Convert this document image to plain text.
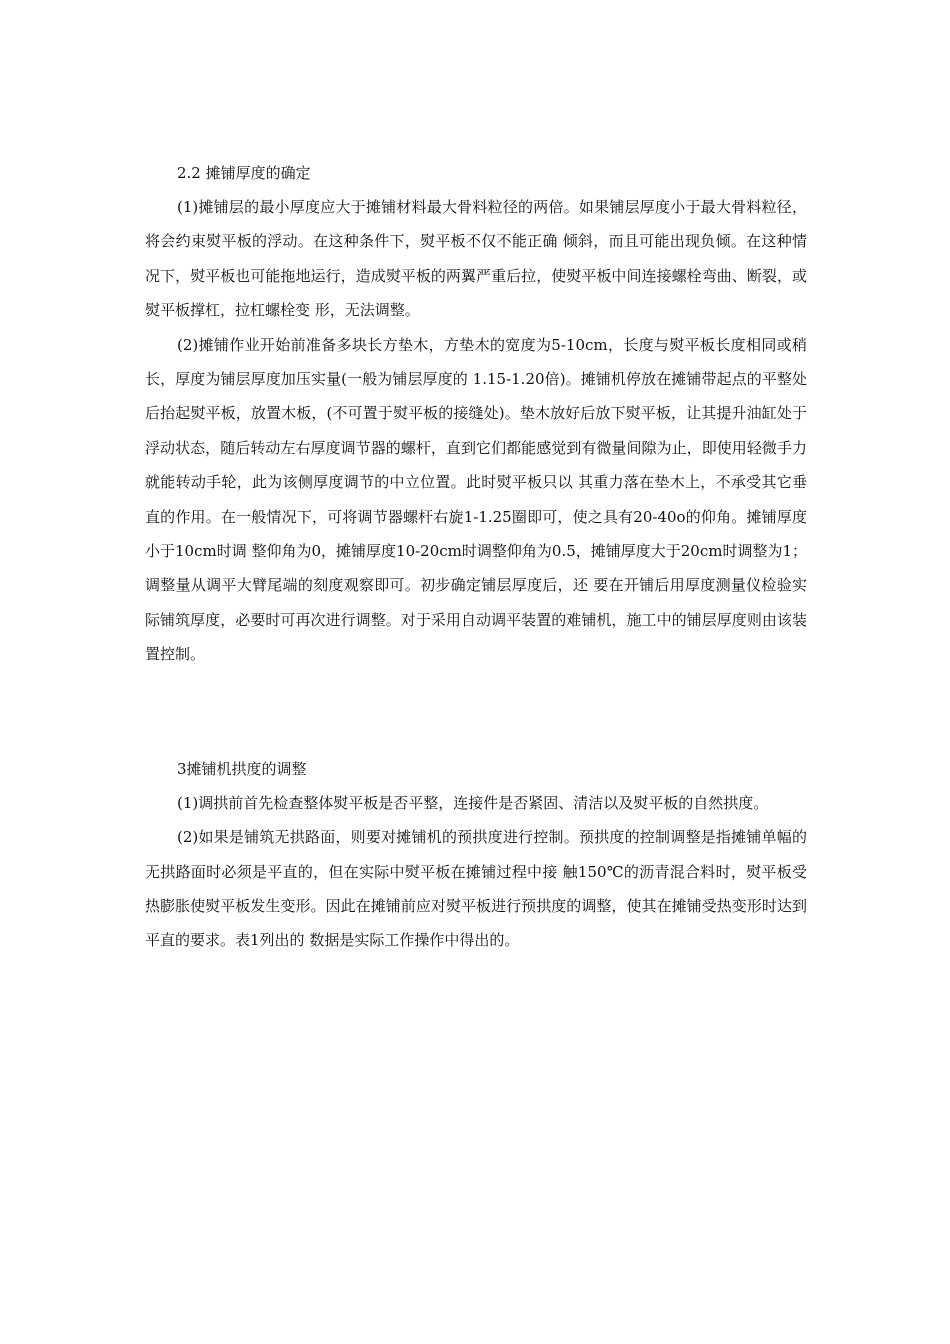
2.2 摊铺厚度的确定

(1)摊铺层的最小厚度应大于摊铺材料最大骨料粒径的两倍。如果铺层厚度小于最大骨料粒径，将会约束熨平板的浮动。在这种条件下，熨平板不仅不能正确 倾斜，而且可能出现负倾。在这种情况下，熨平板也可能拖地运行，造成熨平板的两翼严重后拉，使熨平板中间连接螺栓弯曲、断裂，或熨平板撑杠，拉杠螺栓变 形，无法调整。

(2)摊铺作业开始前准备多块长方垫木，方垫木的宽度为5-10cm，长度与熨平板长度相同或稍长，厚度为铺层厚度加压实量(一般为铺层厚度的 1.15-1.20倍)。摊铺机停放在摊铺带起点的平整处后抬起熨平板，放置木板，(不可置于熨平板的接缝处)。垫木放好后放下熨平板，让其提升油缸处于 浮动状态，随后转动左右厚度调节器的螺杆，直到它们都能感觉到有微量间隙为止，即使用轻微手力就能转动手轮，此为该侧厚度调节的中立位置。此时熨平板只以 其重力落在垫木上，不承受其它垂直的作用。在一般情况下，可将调节器螺杆右旋1-1.25圈即可，使之具有20-40o的仰角。摊铺厚度小于10cm时调 整仰角为0，摊铺厚度10-20cm时调整仰角为0.5，摊铺厚度大于20cm时调整为1；调整量从调平大臂尾端的刻度观察即可。初步确定铺层厚度后，还 要在开铺后用厚度测量仪检验实际铺筑厚度，必要时可再次进行调整。对于采用自动调平装置的难铺机，施工中的铺层厚度则由该装置控制。

3摊铺机拱度的调整

(1)调拱前首先检查整体熨平板是否平整，连接件是否紧固、清洁以及熨平板的自然拱度。

(2)如果是铺筑无拱路面，则要对摊铺机的预拱度进行控制。预拱度的控制调整是指摊铺单幅的无拱路面时必须是平直的，但在实际中熨平板在摊铺过程中接 触150℃的沥青混合料时，熨平板受热膨胀使熨平板发生变形。因此在摊铺前应对熨平板进行预拱度的调整，使其在摊铺受热变形时达到平直的要求。表1列出的 数据是实际工作操作中得出的。
